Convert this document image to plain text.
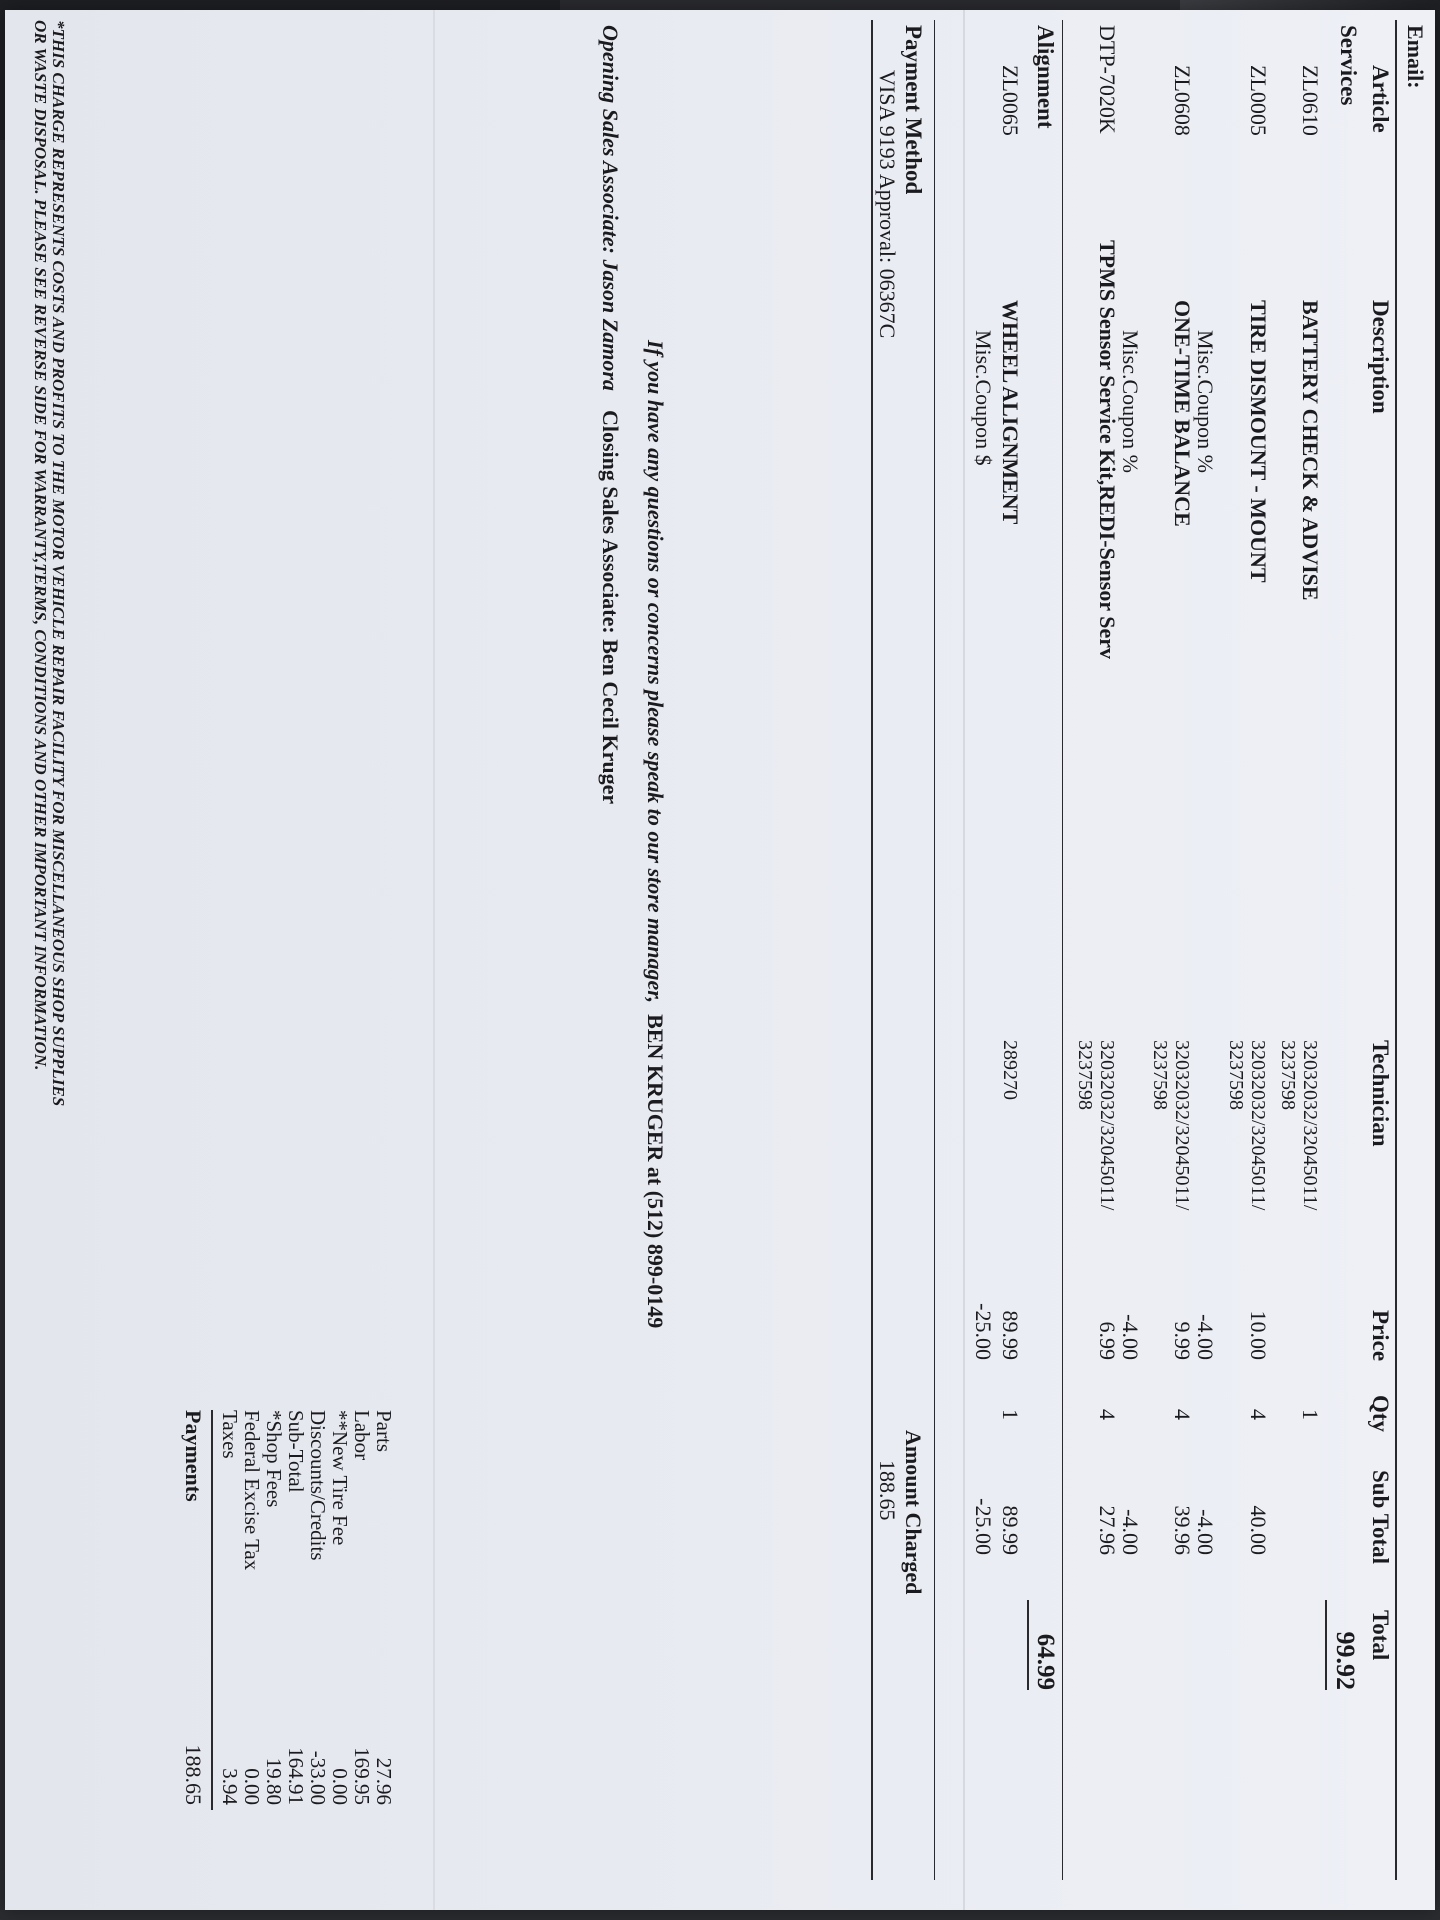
Email:
Article
Description
Technician
Price
Qty
Sub Total
Total
Services
99.92
ZL0610
BATTERY CHECK & ADVISE
32032032/32045011/
3237598
1
ZL0005
TIRE DISMOUNT - MOUNT
32032032/32045011/
3237598
10.00
4
40.00
Misc.Coupon %
-4.00
-4.00
ZL0608
ONE-TIME BALANCE
32032032/32045011/
3237598
9.99
4
39.96
Misc.Coupon %
-4.00
-4.00
DTP-7020K
TPMS Sensor Service Kit,REDI-Sensor Serv
32032032/32045011/
3237598
6.99
4
27.96
Alignment
64.99
ZL0065
WHEEL ALIGNMENT
289270
89.99
1
89.99
Misc.Coupon $
-25.00
-25.00
Payment Method
VISA 9193 Approval: 06367C
Amount Charged
188.65
If you have any questions or concerns please speak to our store manager,  BEN KRUGER at (512) 899-0149
Opening Sales Associate: Jason Zamora
Closing Sales Associate: Ben Cecil Kruger
Parts
Labor
**New Tire Fee
Discounts/Credits
Sub-Total
*Shop Fees
Federal Excise Tax
Taxes
27.96
169.95
0.00
-33.00
164.91
19.80
0.00
3.94
Payments
188.65
*THIS CHARGE REPRESENTS COSTS AND PROFITS TO THE MOTOR VEHICLE REPAIR FACILITY FOR MISCELLANEOUS SHOP SUPPLIES
OR WASTE DISPOSAL. PLEASE SEE REVERSE SIDE FOR WARRANTY,TERMS, CONDITIONS AND OTHER IMPORTANT INFORMATION.
